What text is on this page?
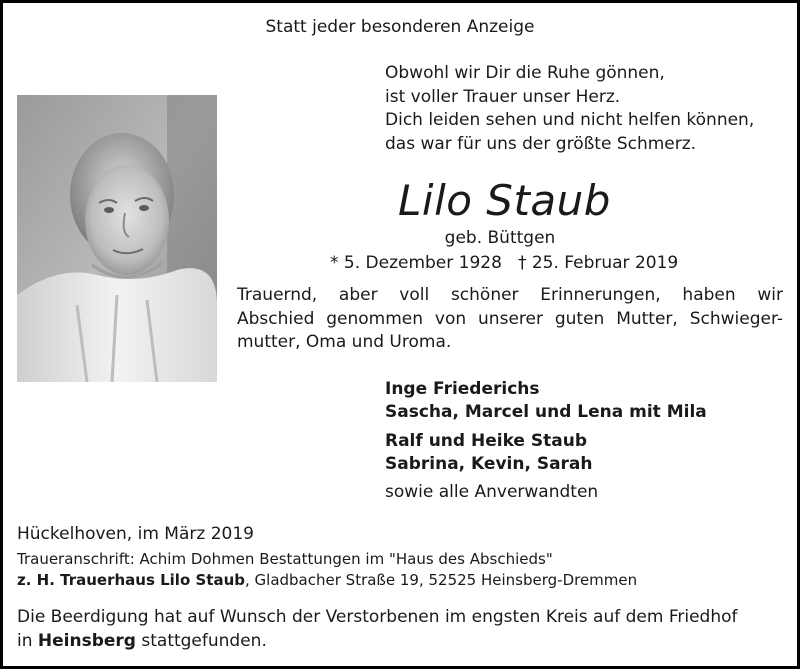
Statt jeder besonderen Anzeige
Obwohl wir Dir die Ruhe gönnen,
ist voller Trauer unser Herz.
Dich leiden sehen und nicht helfen können,
das war für uns der größte Schmerz.
Lilo Staub
geb. Büttgen
* 5. Dezember 1928 † 25. Februar 2019
Trauernd, aber voll schöner Erinnerungen, haben wir
Abschied genommen von unserer guten Mutter, Schwieger-
mutter, Oma und Uroma.
Inge Friederichs
Sascha, Marcel und Lena mit Mila
Ralf und Heike Staub
Sabrina, Kevin, Sarah
sowie alle Anverwandten
Hückelhoven, im März 2019
Traueranschrift: Achim Dohmen Bestattungen im "Haus des Abschieds"
z. H. Trauerhaus Lilo Staub, Gladbacher Straße 19, 52525 Heinsberg-Dremmen
Die Beerdigung hat auf Wunsch der Verstorbenen im engsten Kreis auf dem Friedhof
in Heinsberg stattgefunden.
